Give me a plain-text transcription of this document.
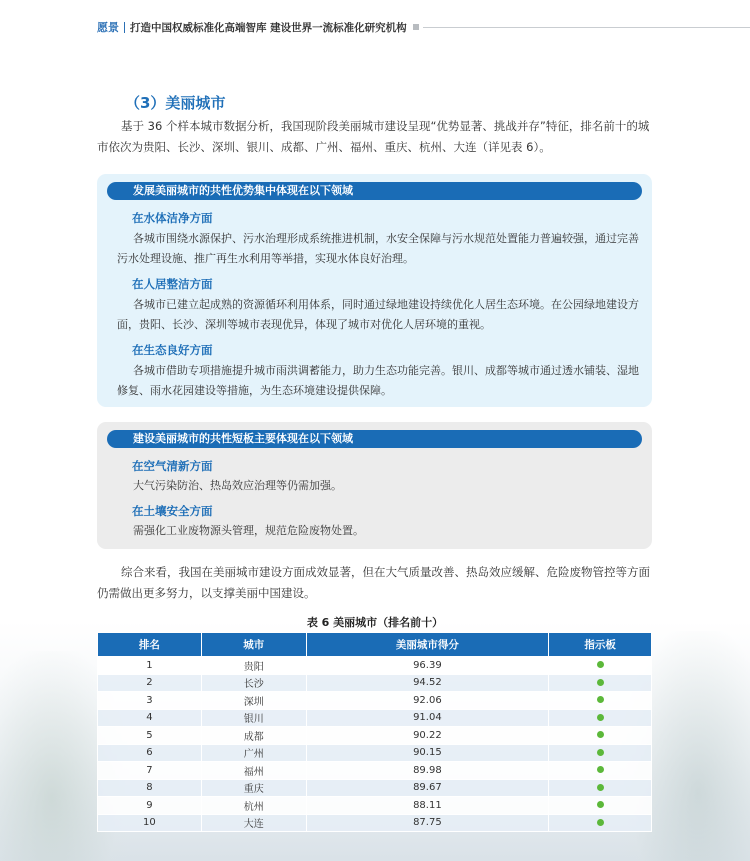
愿景 打造中国权威标准化高端智库 建设世界一流标准化研究机构
（3）美丽城市

基于 36 个样本城市数据分析，我国现阶段美丽城市建设呈现“优势显著、挑战并存”特征，排名前十的城市依次为贵阳、长沙、深圳、银川、成都、广州、福州、重庆、杭州、大连（详见表 6）。

发展美丽城市的共性优势集中体现在以下领域
在水体洁净方面

各城市围绕水源保护、污水治理形成系统推进机制，水安全保障与污水规范处置能力普遍较强，通过完善污水处理设施、推广再生水利用等举措，实现水体良好治理。

在人居整洁方面

各城市已建立起成熟的资源循环利用体系，同时通过绿地建设持续优化人居生态环境。在公园绿地建设方面，贵阳、长沙、深圳等城市表现优异，体现了城市对优化人居环境的重视。

在生态良好方面

各城市借助专项措施提升城市雨洪调蓄能力，助力生态功能完善。银川、成都等城市通过透水铺装、湿地修复、雨水花园建设等措施，为生态环境建设提供保障。

建设美丽城市的共性短板主要体现在以下领域
在空气清新方面

大气污染防治、热岛效应治理等仍需加强。

在土壤安全方面

需强化工业废物源头管理，规范危险废物处置。

综合来看，我国在美丽城市建设方面成效显著，但在大气质量改善、热岛效应缓解、危险废物管控等方面仍需做出更多努力，以支撑美丽中国建设。

表 6 美丽城市（排名前十）
排名	城市	美丽城市得分	指示板
1	贵阳	96.39	
2	长沙	94.52	
3	深圳	92.06	
4	银川	91.04	
5	成都	90.22	
6	广州	90.15	
7	福州	89.98	
8	重庆	89.67	
9	杭州	88.11	
10	大连	87.75	
